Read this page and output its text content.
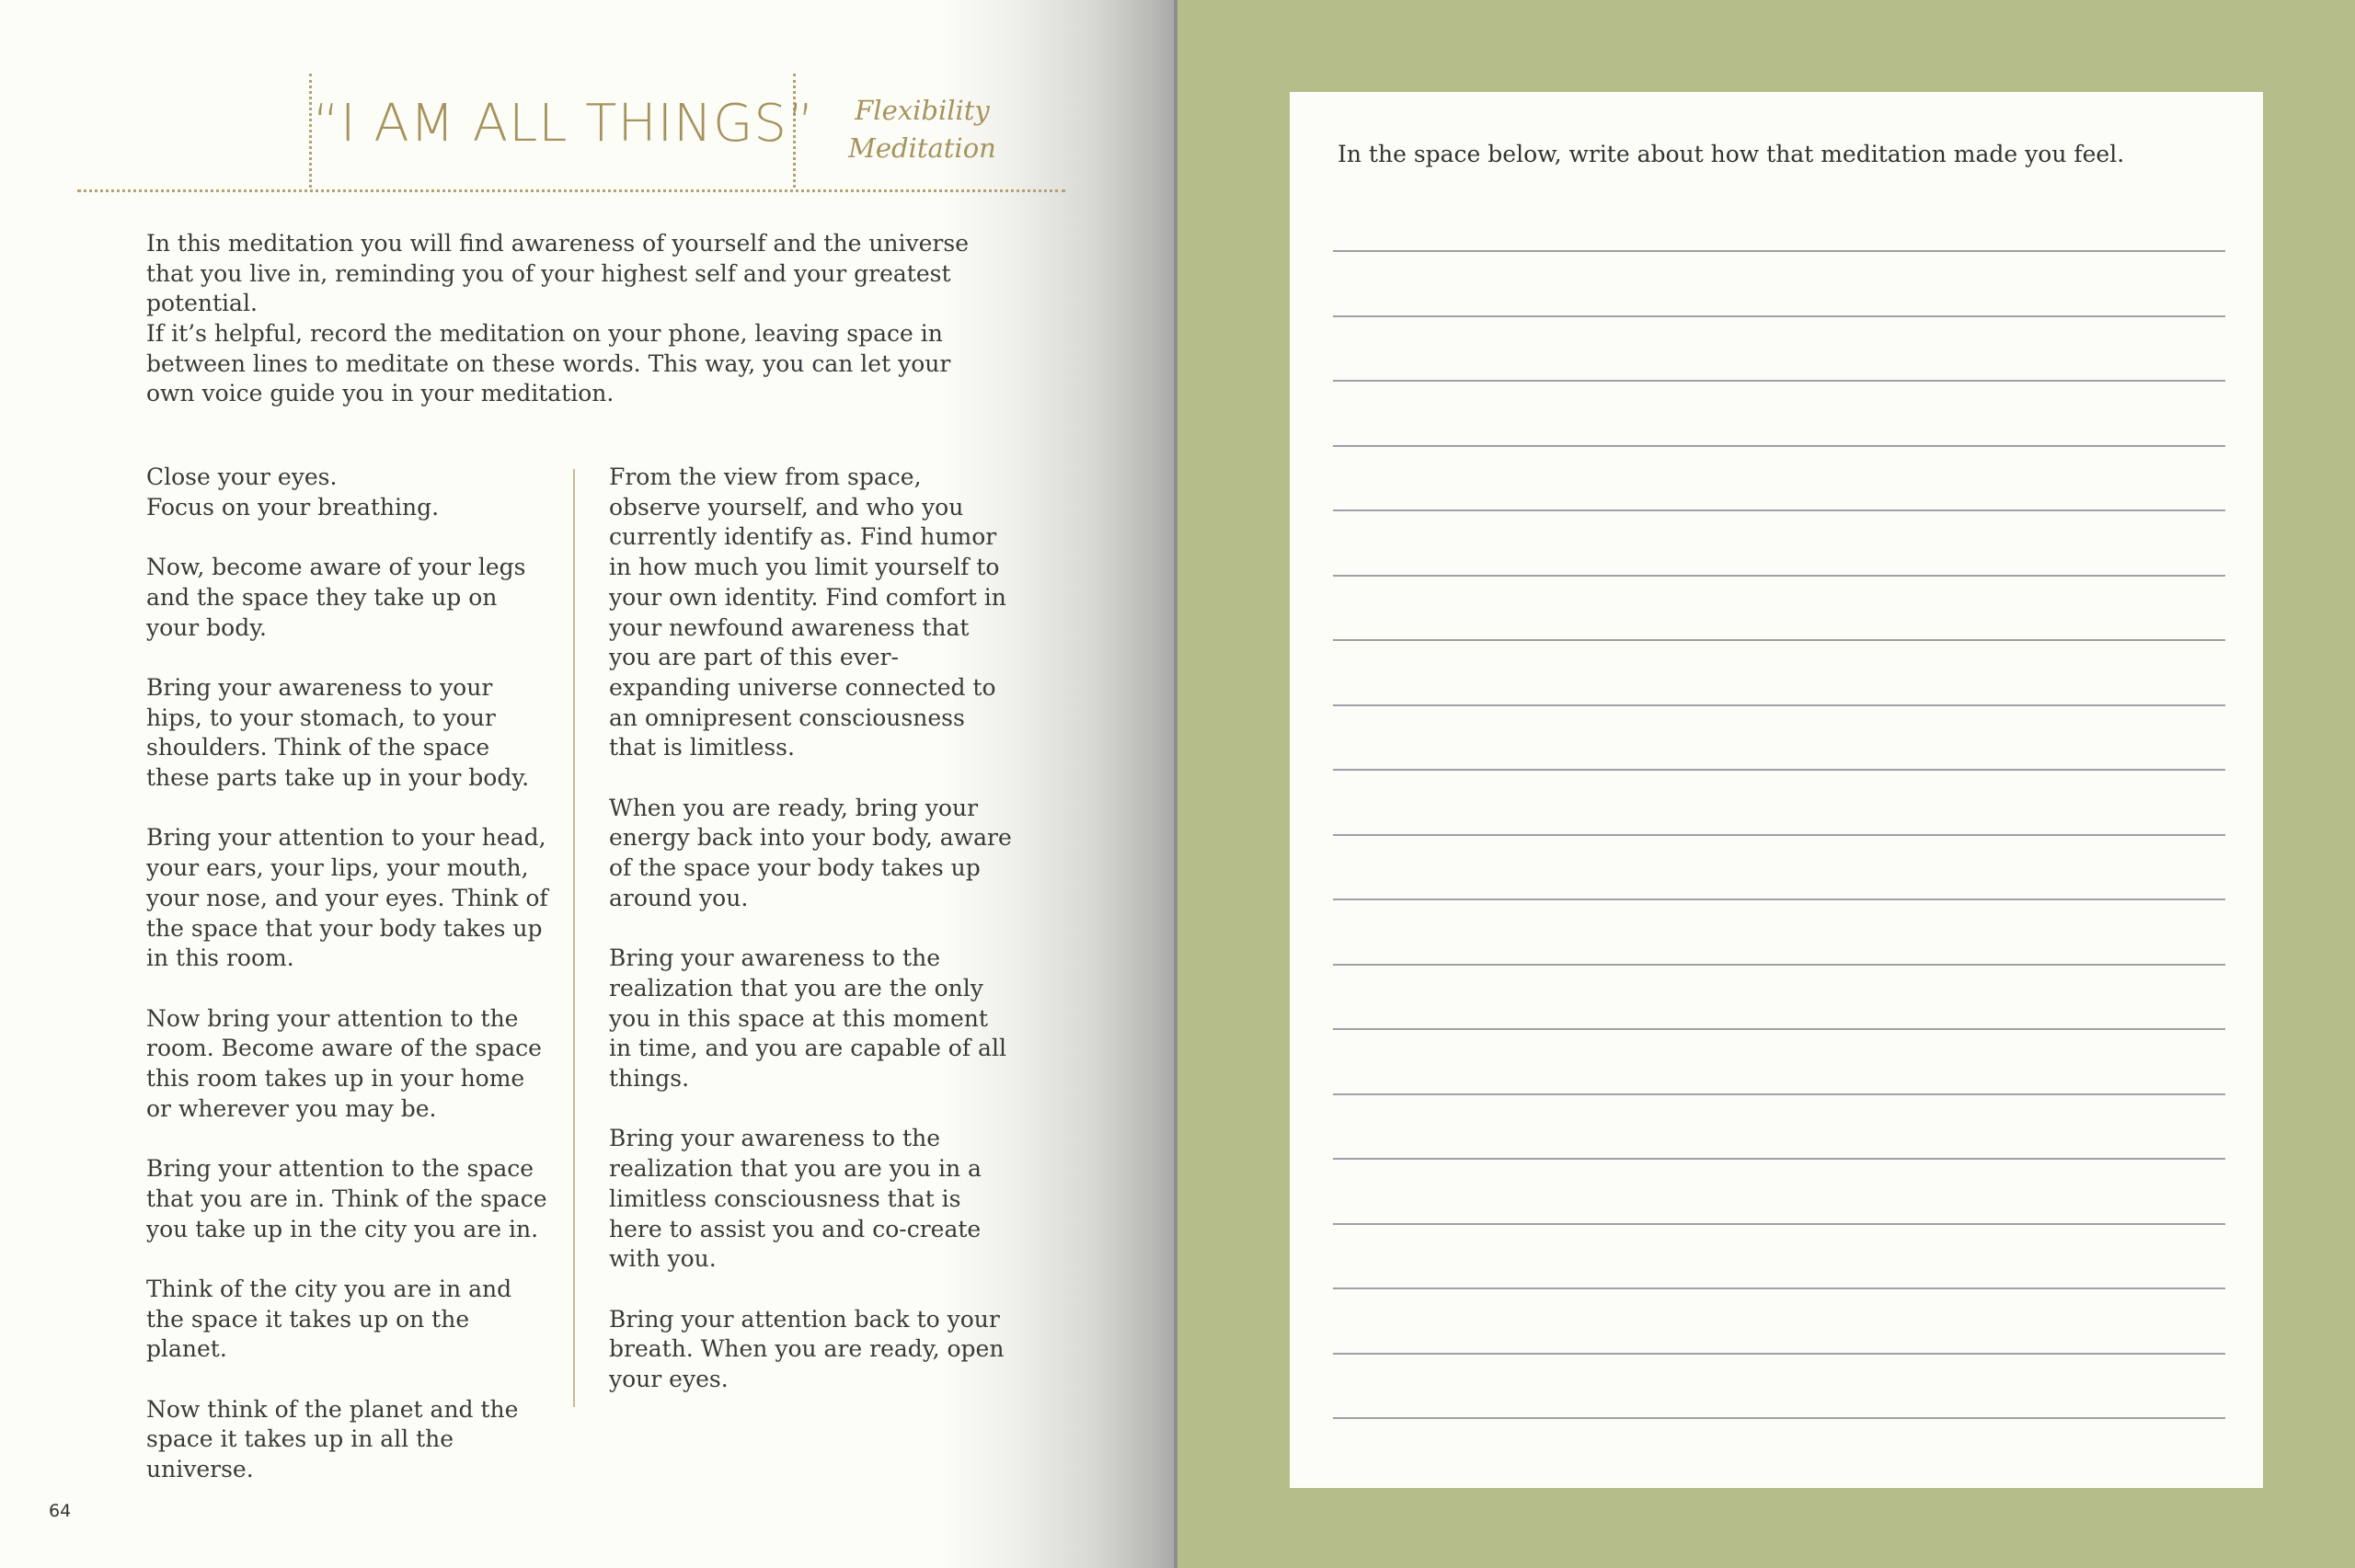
“I AM ALL THINGS”	Flexibility
Meditation

In this meditation you will find awareness of yourself and the universe that you live in, reminding you of your highest self and your greatest potential.

If it’s helpful, record the meditation on your phone, leaving space in between lines to meditate on these words. This way, you can let your own voice guide you in your meditation.

Close your eyes.
Focus on your breathing.

Now, become aware of your legs and the space they take up on your body.

Bring your awareness to your hips, to your stomach, to your shoulders. Think of the space these parts take up in your body.

Bring your attention to your head, your ears, your lips, your mouth, your nose, and your eyes. Think of the space that your body takes up in this room.

Now bring your attention to the room. Become aware of the space this room takes up in your home or wherever you may be.

Bring your attention to the space that you are in. Think of the space you take up in the city you are in.

Think of the city you are in and the space it takes up on the planet.

Now think of the planet and the space it takes up in all the universe.

From the view from space, observe yourself, and who you currently identify as. Find humor in how much you limit yourself to your own identity. Find comfort in your newfound awareness that you are part of this ever-expanding universe connected to an omnipresent consciousness that is limitless.

When you are ready, bring your energy back into your body, aware of the space your body takes up around you.

Bring your awareness to the realization that you are the only you in this space at this moment in time, and you are capable of all things.

Bring your awareness to the realization that you are you in a limitless consciousness that is here to assist you and co-create with you.

Bring your attention back to your breath. When you are ready, open your eyes.

64
In the space below, write about how that meditation made you feel.
